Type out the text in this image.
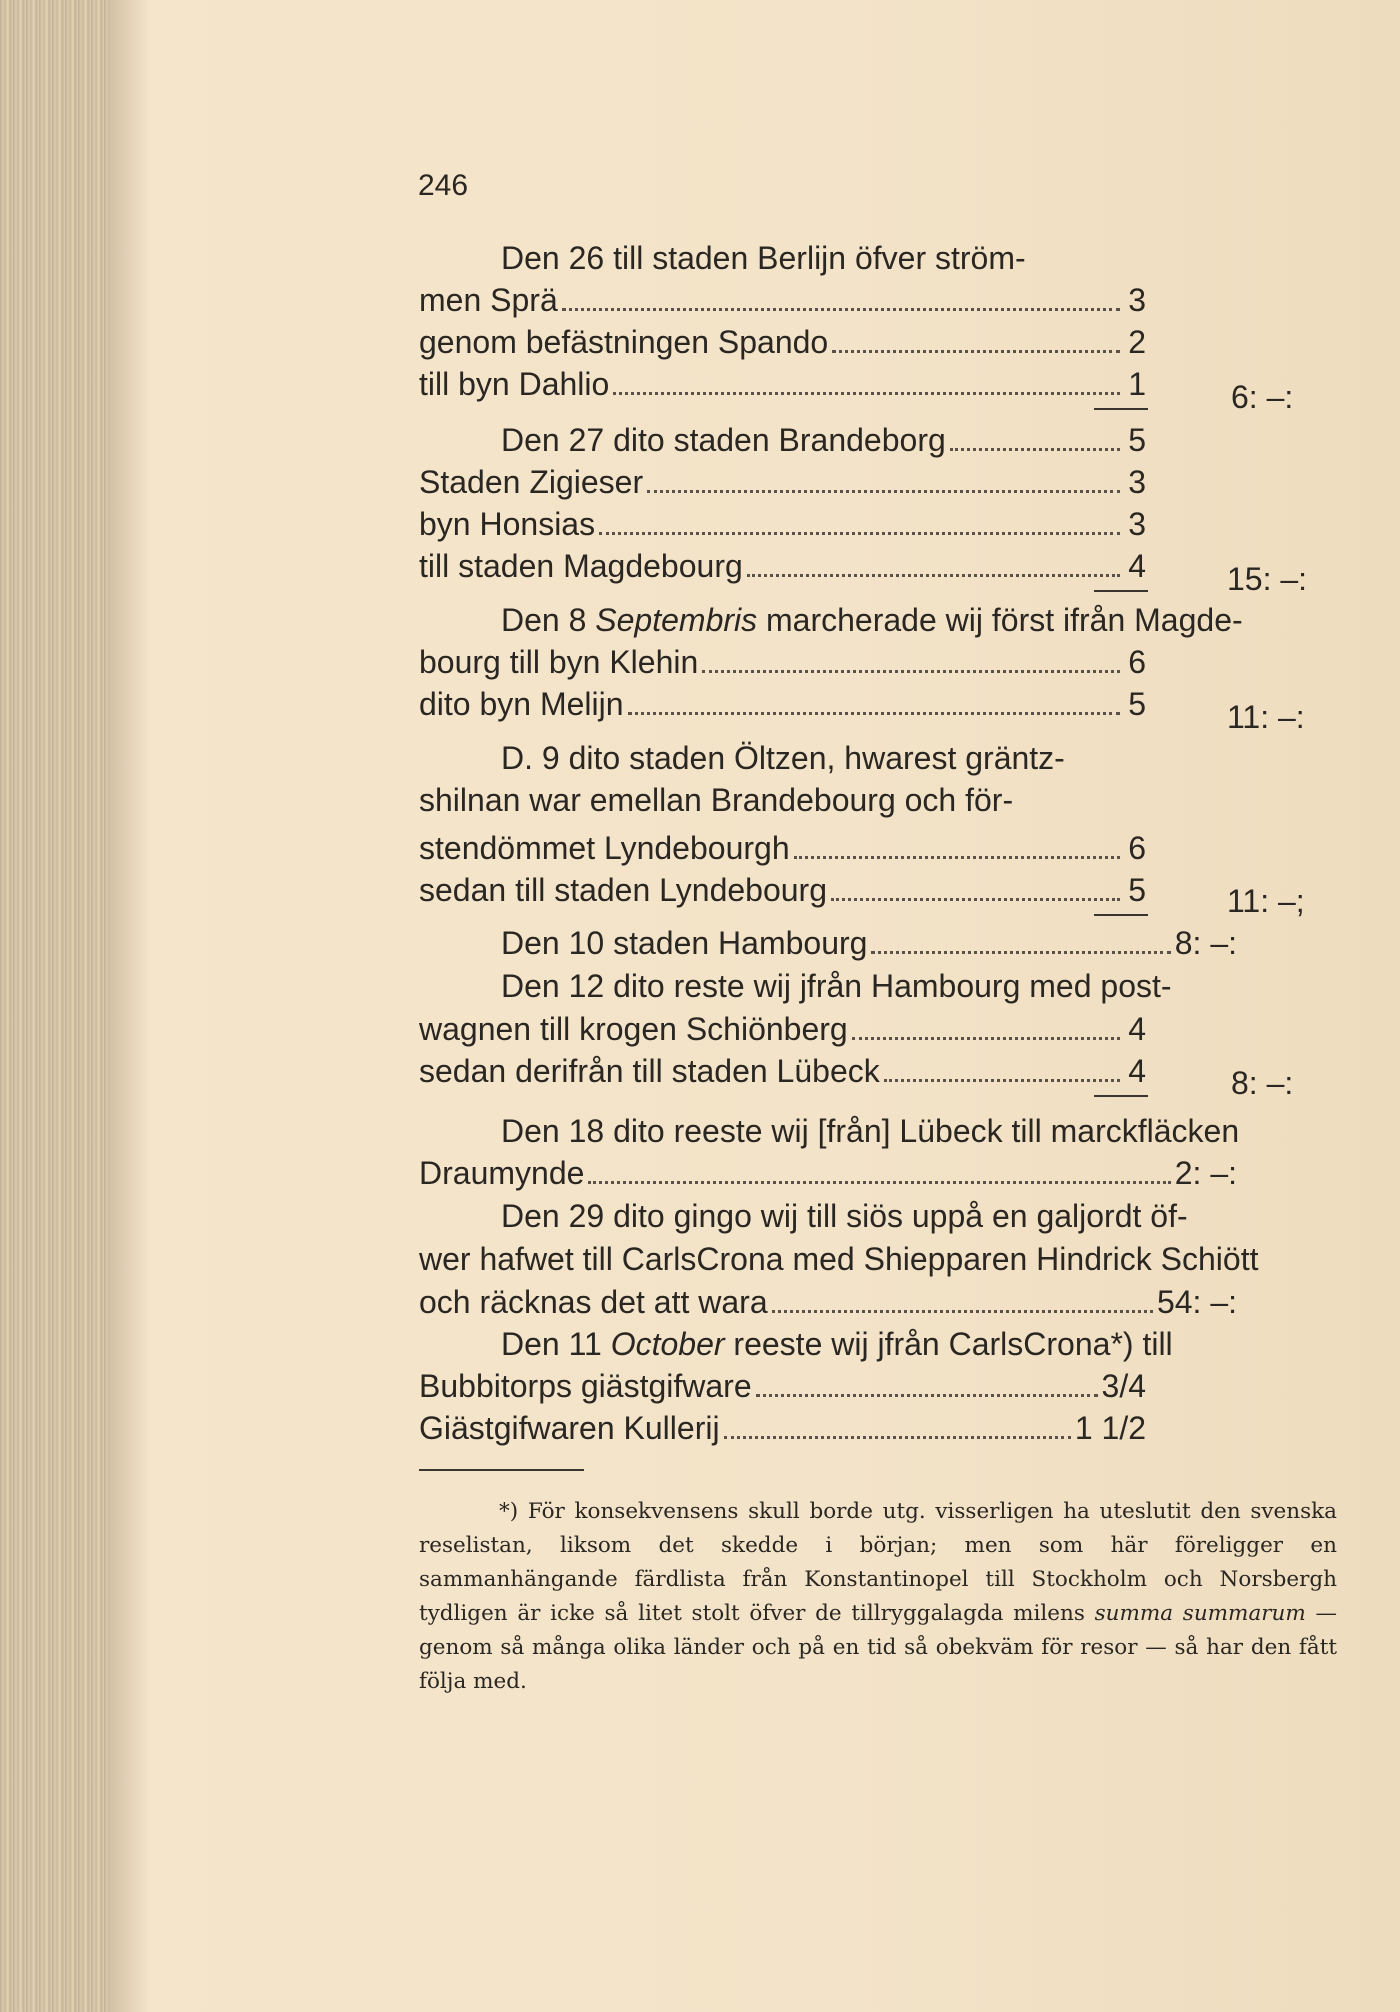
246
Den 26 till staden Berlijn öfver ström-
men Sprä	3
genom befästningen Spando	2
till byn Dahlio	1	6: –:
Den 27 dito staden Brandeborg	5
Staden Zigieser	3
byn Honsias	3
till staden Magdebourg	4	15: –:
Den 8 Septembris marcherade wij först ifrån Magde-
bourg till byn Klehin	6
dito byn Melijn	5	11: –:
D. 9 dito staden Öltzen, hwarest gräntz-
shilnan war emellan Brandebourg och för-
stendömmet Lyndebourgh	6
sedan till staden Lyndebourg	5	11: –;
Den 10 staden Hambourg	8: –:
Den 12 dito reste wij jfrån Hambourg med post-
wagnen till krogen Schiönberg	4
sedan derifrån till staden Lübeck	4	8: –:
Den 18 dito reeste wij [från] Lübeck till marckfläcken
Draumynde	2: –:
Den 29 dito gingo wij till siös uppå en galjordt öf-
wer hafwet till CarlsCrona med Shiepparen Hindrick Schiött
och räcknas det att wara	54: –:
Den 11 October reeste wij jfrån CarlsCrona*) till
Bubbitorps giästgifware	3/4
Giästgifwaren Kullerij	1 1/2
*) För konsekvensens skull borde utg. visserligen ha uteslutit den svenska reselistan, liksom det skedde i början; men som här föreligger en sammanhängande färdlista från Konstantinopel till Stockholm och Norsbergh tydligen är icke så litet stolt öfver de tillryggalagda milens summa summarum — genom så många olika länder och på en tid så obekväm för resor — så har den fått följa med.
